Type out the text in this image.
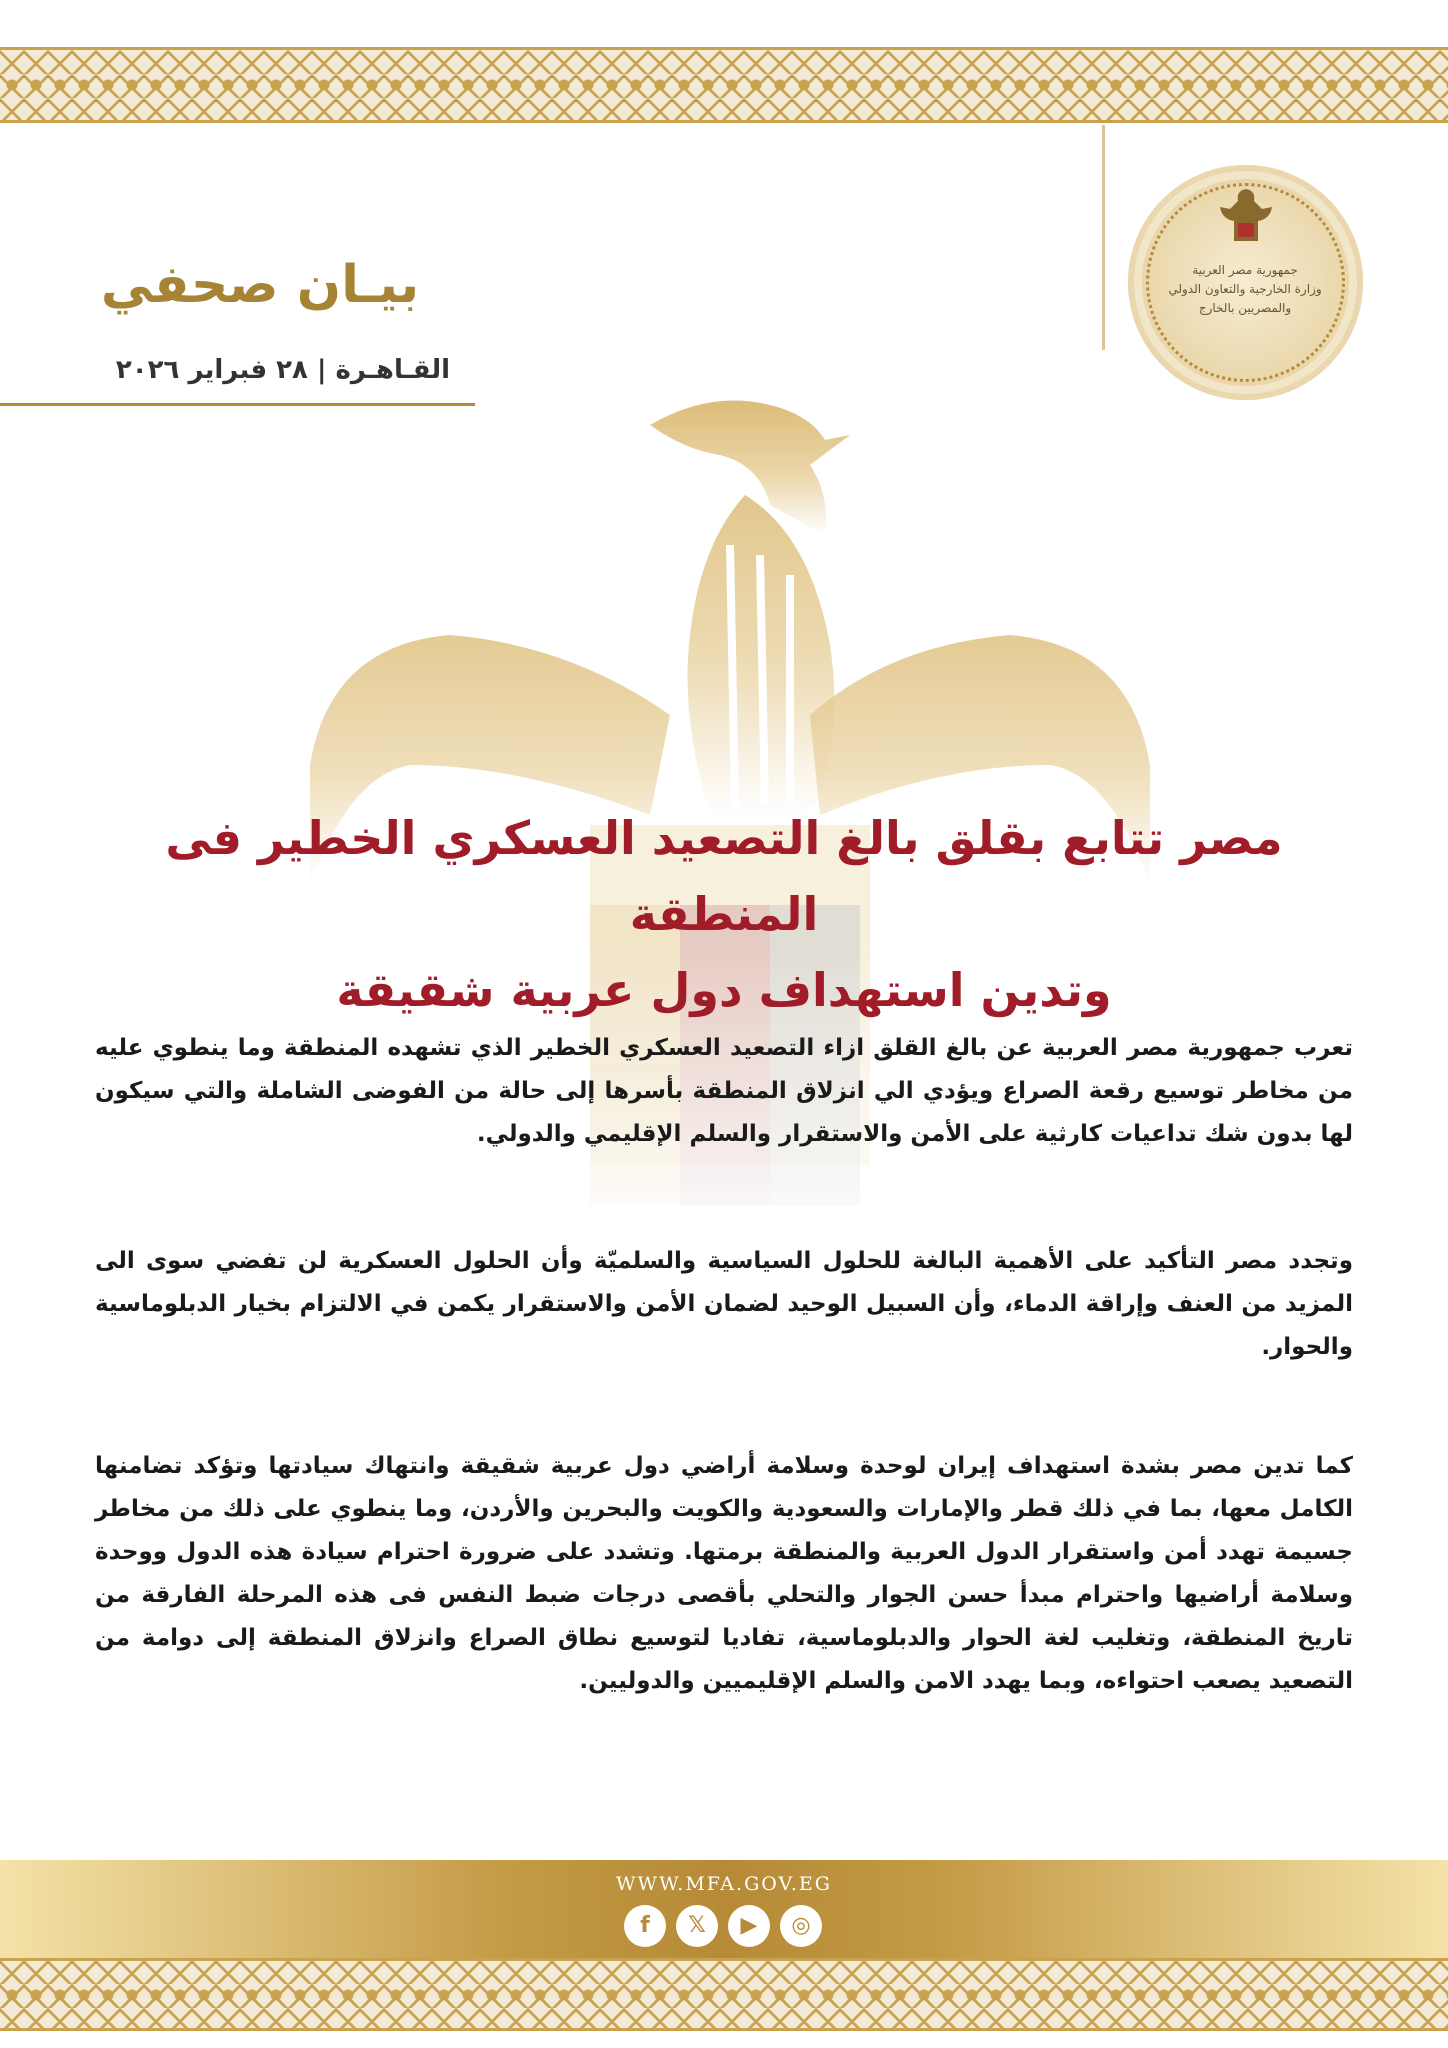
بيـان صحفي
القـاهـرة | ٢٨ فبراير ٢٠٢٦
جمهورية مصر العربية
وزارة الخارجية والتعاون الدولي
والمصريين بالخارج
مصر تتابع بقلق بالغ التصعيد العسكري الخطير فى المنطقة
وتدين استهداف دول عربية شقيقة
تعرب جمهورية مصر العربية عن بالغ القلق ازاء التصعيد العسكري الخطير الذي تشهده المنطقة وما ينطوي عليه من مخاطر توسيع رقعة الصراع ويؤدي الي انزلاق المنطقة بأسرها إلى حالة من الفوضى الشاملة والتي سيكون لها بدون شك تداعيات كارثية على الأمن والاستقرار والسلم الإقليمي والدولي.
وتجدد مصر التأكيد على الأهمية البالغة للحلول السياسية والسلميّة وأن الحلول العسكرية لن تفضي سوى الى المزيد من العنف وإراقة الدماء، وأن السبيل الوحيد لضمان الأمن والاستقرار يكمن في الالتزام بخيار الدبلوماسية والحوار.
كما تدين مصر بشدة استهداف إيران لوحدة وسلامة أراضي دول عربية شقيقة وانتهاك سيادتها وتؤكد تضامنها الكامل معها، بما في ذلك قطر والإمارات والسعودية والكويت والبحرين والأردن، وما ينطوي على ذلك من مخاطر جسيمة تهدد أمن واستقرار الدول العربية والمنطقة برمتها. وتشدد على ضرورة احترام سيادة هذه الدول ووحدة وسلامة أراضيها واحترام مبدأ حسن الجوار والتحلي بأقصى درجات ضبط النفس فى هذه المرحلة الفارقة من تاريخ المنطقة، وتغليب لغة الحوار والدبلوماسية، تفاديا لتوسيع نطاق الصراع وانزلاق المنطقة إلى دوامة من التصعيد يصعب احتواءه، وبما يهدد الامن والسلم الإقليميين والدوليين.
WWW.MFA.GOV.EG
f	𝕏	▶	◎
